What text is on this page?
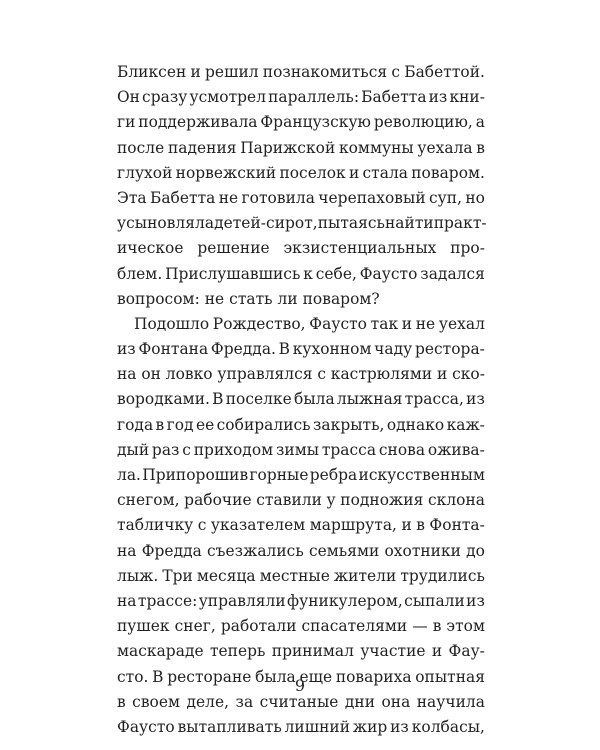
Бликсен и решил познакомиться с Бабеттой.
Он сразу усмотрел параллель: Бабетта из кни-
ги поддерживала Французскую революцию, а
после падения Парижской коммуны уехала в
глухой норвежский поселок и стала поваром.
Эта Бабетта не готовила черепаховый суп, но
усыновляла детей-сирот, пытаясь найти практ-
ическое решение экзистенциальных про-
блем. Прислушавшись к себе, Фаусто задался
вопросом: не стать ли поваром?
Подошло Рождество, Фаусто так и не уехал
из Фонтана Фредда. В кухонном чаду рестора-
на он ловко управлялся с кастрюлями и ско-
вородками. В поселке была лыжная трасса, из
года в год ее собирались закрыть, однако каж-
дый раз с приходом зимы трасса снова ожива-
ла. Припорошив горные ребра искусственным
снегом, рабочие ставили у подножия склона
табличку с указателем маршрута, и в Фонта-
на Фредда съезжались семьями охотники до
лыж. Три месяца местные жители трудились
на трассе: управляли фуникулером, сыпали из
пушек снег, работали спасателями — в этом
маскараде теперь принимал участие и Фау-
сто. В ресторане была еще повариха опытная
в своем деле, за считаные дни она научила
Фаусто вытапливать лишний жир из колбасы,
9
